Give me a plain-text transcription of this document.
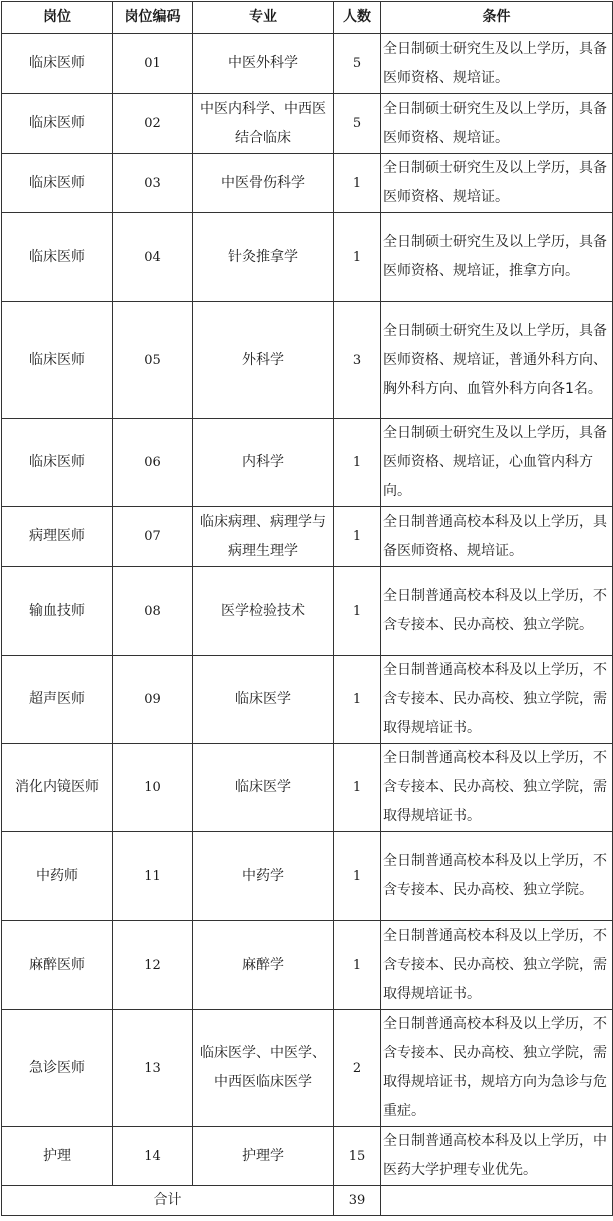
岗位	岗位编码	专业	人数	条件
临床医师	01	中医外科学	5	全日制硕士研究生及以上学历，具备医师资格、规培证。
临床医师	02	中医内科学、中西医结合临床	5	全日制硕士研究生及以上学历，具备医师资格、规培证。
临床医师	03	中医骨伤科学	1	全日制硕士研究生及以上学历，具备医师资格、规培证。
临床医师	04	针灸推拿学	1	全日制硕士研究生及以上学历，具备医师资格、规培证，推拿方向。
临床医师	05	外科学	3	全日制硕士研究生及以上学历，具备医师资格、规培证，普通外科方向、胸外科方向、血管外科方向各1名。
临床医师	06	内科学	1	全日制硕士研究生及以上学历，具备医师资格、规培证，心血管内科方向。
病理医师	07	临床病理、病理学与病理生理学	1	全日制普通高校本科及以上学历，具备医师资格、规培证。
输血技师	08	医学检验技术	1	全日制普通高校本科及以上学历，不含专接本、民办高校、独立学院。
超声医师	09	临床医学	1	全日制普通高校本科及以上学历，不含专接本、民办高校、独立学院，需取得规培证书。
消化内镜医师	10	临床医学	1	全日制普通高校本科及以上学历，不含专接本、民办高校、独立学院，需取得规培证书。
中药师	11	中药学	1	全日制普通高校本科及以上学历，不含专接本、民办高校、独立学院。
麻醉医师	12	麻醉学	1	全日制普通高校本科及以上学历，不含专接本、民办高校、独立学院，需取得规培证书。
急诊医师	13	临床医学、中医学、中西医临床医学	2	全日制普通高校本科及以上学历，不含专接本、民办高校、独立学院，需取得规培证书，规培方向为急诊与危重症。
护理	14	护理学	15	全日制普通高校本科及以上学历，中医药大学护理专业优先。
合计			39	
